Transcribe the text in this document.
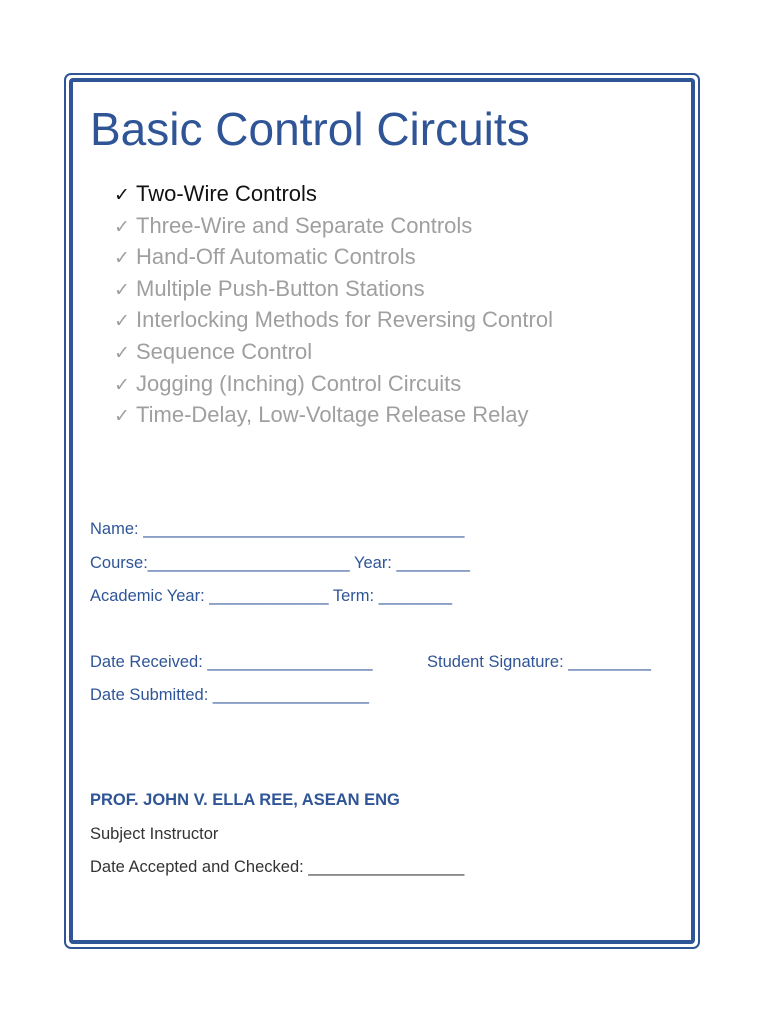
Basic Control Circuits
✓ Two-Wire Controls
✓ Three-Wire and Separate Controls
✓ Hand-Off Automatic Controls
✓ Multiple Push-Button Stations
✓ Interlocking Methods for Reversing Control
✓ Sequence Control
✓ Jogging (Inching) Control Circuits
✓ Time-Delay, Low-Voltage Release Relay
Name: ___________________________________
Course:______________________ Year: ________
Academic Year: _____________ Term: ________
Date Received: __________________	Student Signature: _________
Date Submitted: _________________
PROF. JOHN V. ELLA REE, ASEAN ENG
Subject Instructor
Date Accepted and Checked: _________________
